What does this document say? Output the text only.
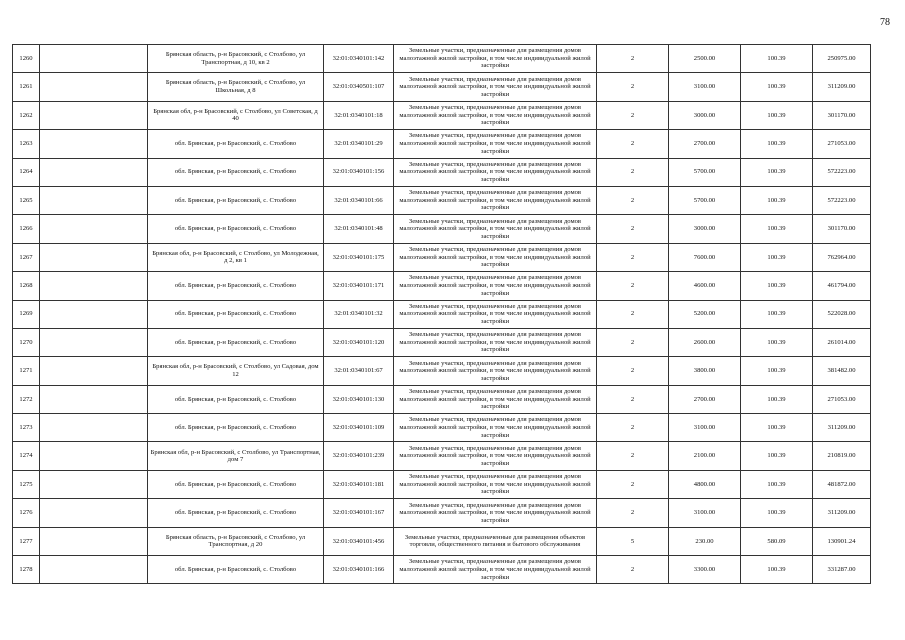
78
1260		Брянская область, р-н Брасовский, с Столбово, ул Транспортная, д 10, кв 2	32:01:0340101:142	Земельные участки, предназначенные для размещения домов малоэтажной жилой застройки, в том числе индивидуальной жилой застройки	2	2500.00	100.39	250975.00
1261		Брянская область, р-н Брасовский, с Столбово, ул Школьная, д 8	32:01:0340501:107	Земельные участки, предназначенные для размещения домов малоэтажной жилой застройки, в том числе индивидуальной жилой застройки	2	3100.00	100.39	311209.00
1262		Брянская обл, р-н Брасовский, с Столбово, ул Советская, д 40	32:01:0340101:18	Земельные участки, предназначенные для размещения домов малоэтажной жилой застройки, в том числе индивидуальной жилой застройки	2	3000.00	100.39	301170.00
1263		обл. Брянская, р-н Брасовский, с. Столбово	32:01:0340101:29	Земельные участки, предназначенные для размещения домов малоэтажной жилой застройки, в том числе индивидуальной жилой застройки	2	2700.00	100.39	271053.00
1264		обл. Брянская, р-н Брасовский, с. Столбово	32:01:0340101:156	Земельные участки, предназначенные для размещения домов малоэтажной жилой застройки, в том числе индивидуальной жилой застройки	2	5700.00	100.39	572223.00
1265		обл. Брянская, р-н Брасовский, с. Столбово	32:01:0340101:66	Земельные участки, предназначенные для размещения домов малоэтажной жилой застройки, в том числе индивидуальной жилой застройки	2	5700.00	100.39	572223.00
1266		обл. Брянская, р-н Брасовский, с. Столбово	32:01:0340101:48	Земельные участки, предназначенные для размещения домов малоэтажной жилой застройки, в том числе индивидуальной жилой застройки	2	3000.00	100.39	301170.00
1267		Брянская обл, р-н Брасовский, с Столбово, ул Молодежная, д 2, кв 1	32:01:0340101:175	Земельные участки, предназначенные для размещения домов малоэтажной жилой застройки, в том числе индивидуальной жилой застройки	2	7600.00	100.39	762964.00
1268		обл. Брянская, р-н Брасовский, с. Столбово	32:01:0340101:171	Земельные участки, предназначенные для размещения домов малоэтажной жилой застройки, в том числе индивидуальной жилой застройки	2	4600.00	100.39	461794.00
1269		обл. Брянская, р-н Брасовский, с. Столбово	32:01:0340101:32	Земельные участки, предназначенные для размещения домов малоэтажной жилой застройки, в том числе индивидуальной жилой застройки	2	5200.00	100.39	522028.00
1270		обл. Брянская, р-н Брасовский, с. Столбово	32:01:0340101:120	Земельные участки, предназначенные для размещения домов малоэтажной жилой застройки, в том числе индивидуальной жилой застройки	2	2600.00	100.39	261014.00
1271		Брянская обл, р-н Брасовский, с Столбово, ул Садовая, дом 12	32:01:0340101:67	Земельные участки, предназначенные для размещения домов малоэтажной жилой застройки, в том числе индивидуальной жилой застройки	2	3800.00	100.39	381482.00
1272		обл. Брянская, р-н Брасовский, с. Столбово	32:01:0340101:130	Земельные участки, предназначенные для размещения домов малоэтажной жилой застройки, в том числе индивидуальной жилой застройки	2	2700.00	100.39	271053.00
1273		обл. Брянская, р-н Брасовский, с. Столбово	32:01:0340101:109	Земельные участки, предназначенные для размещения домов малоэтажной жилой застройки, в том числе индивидуальной жилой застройки	2	3100.00	100.39	311209.00
1274		Брянская обл, р-н Брасовский, с Столбово, ул Транспортная, дом 7	32:01:0340101:239	Земельные участки, предназначенные для размещения домов малоэтажной жилой застройки, в том числе индивидуальной жилой застройки	2	2100.00	100.39	210819.00
1275		обл. Брянская, р-н Брасовский, с. Столбово	32:01:0340101:181	Земельные участки, предназначенные для размещения домов малоэтажной жилой застройки, в том числе индивидуальной жилой застройки	2	4800.00	100.39	481872.00
1276		обл. Брянская, р-н Брасовский, с. Столбово	32:01:0340101:167	Земельные участки, предназначенные для размещения домов малоэтажной жилой застройки, в том числе индивидуальной жилой застройки	2	3100.00	100.39	311209.00
1277		Брянская область, р-н Брасовский, с Столбово, ул Транспортная, д 20	32:01:0340101:456	Земельные участки, предназначенные для размещения объектов торговли, общественного питания и бытового обслуживания	5	230.00	580.09	130901.24
1278		обл. Брянская, р-н Брасовский, с. Столбово	32:01:0340101:166	Земельные участки, предназначенные для размещения домов малоэтажной жилой застройки, в том числе индивидуальной жилой застройки	2	3300.00	100.39	331287.00
